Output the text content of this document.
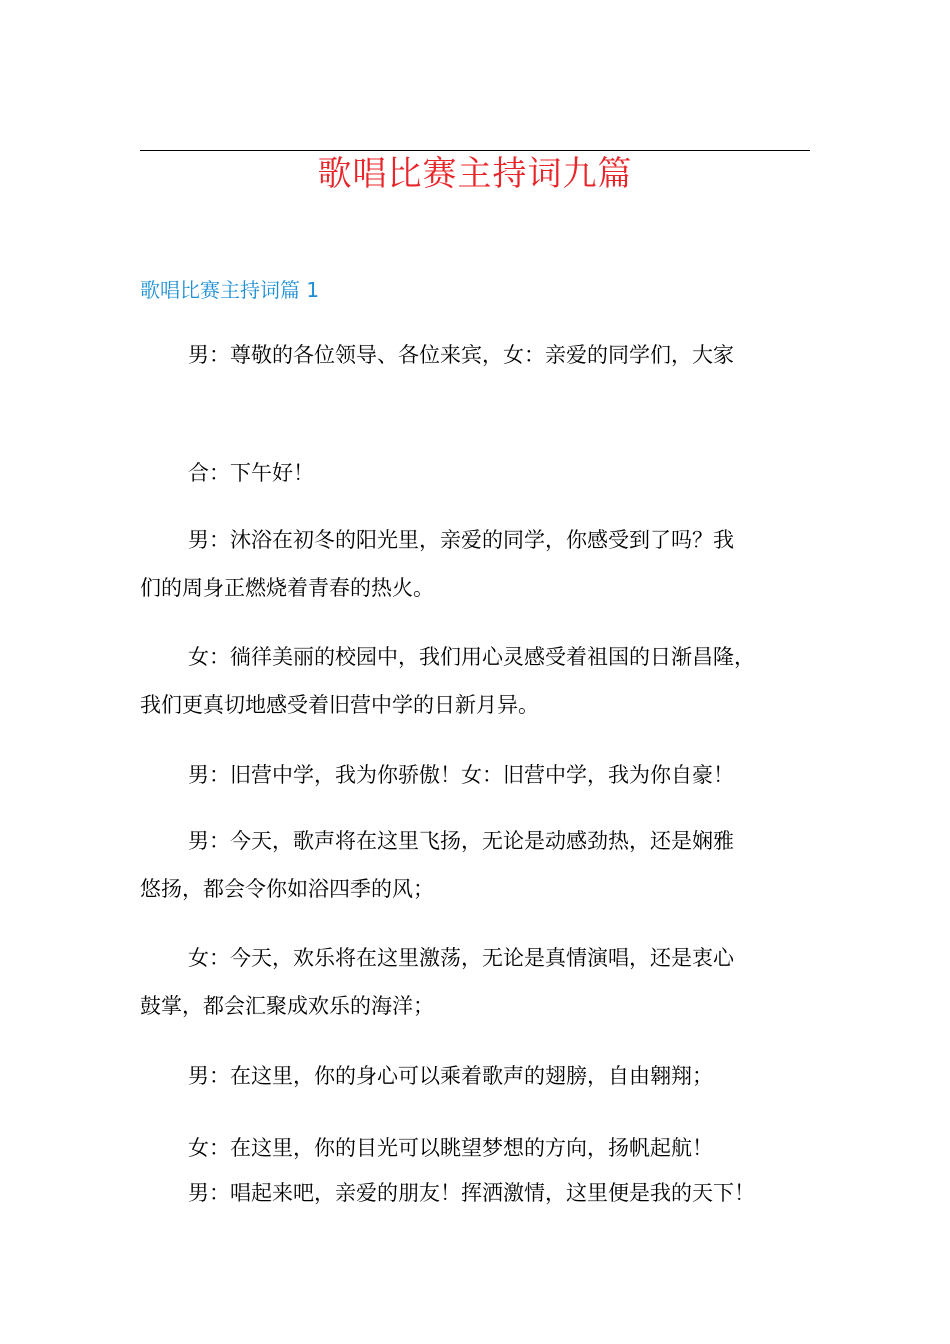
歌唱比赛主持词九篇
歌唱比赛主持词篇 1
男：尊敬的各位领导、各位来宾，女：亲爱的同学们，大家
合：下午好！
男：沐浴在初冬的阳光里，亲爱的同学，你感受到了吗？我
们的周身正燃烧着青春的热火。
女：徜徉美丽的校园中，我们用心灵感受着祖国的日渐昌隆，
我们更真切地感受着旧营中学的日新月异。
男：旧营中学，我为你骄傲！女：旧营中学，我为你自豪！
男：今天，歌声将在这里飞扬，无论是动感劲热，还是娴雅
悠扬，都会令你如浴四季的风；
女：今天，欢乐将在这里激荡，无论是真情演唱，还是衷心
鼓掌，都会汇聚成欢乐的海洋；
男：在这里，你的身心可以乘着歌声的翅膀，自由翱翔；
女：在这里，你的目光可以眺望梦想的方向，扬帆起航！
男：唱起来吧，亲爱的朋友！挥洒激情，这里便是我的天下！
